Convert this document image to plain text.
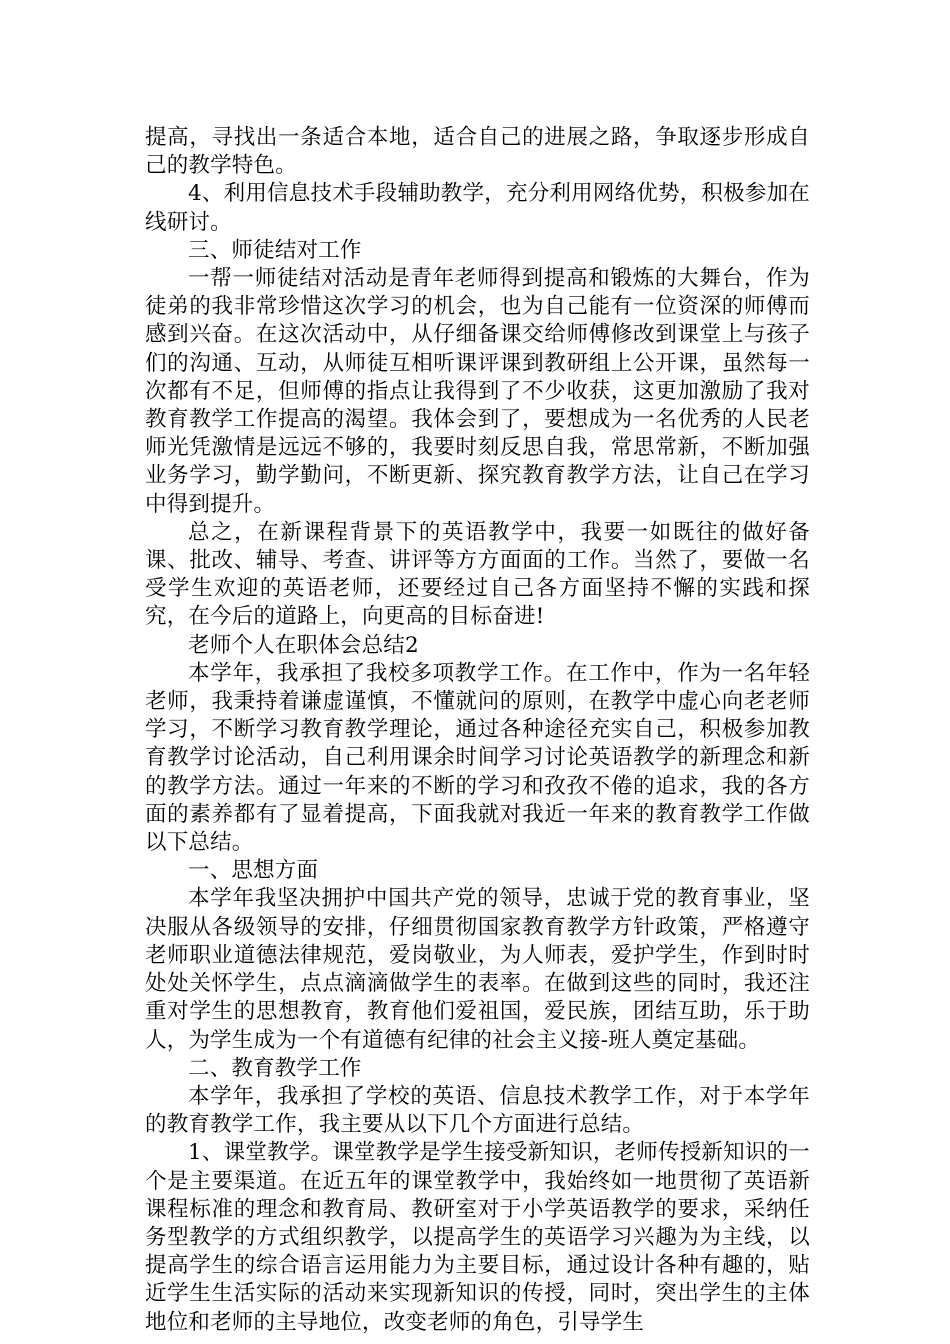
提高，寻找出一条适合本地，适合自己的进展之路，争取逐步形成自己的教学特色。

4、利用信息技术手段辅助教学，充分利用网络优势，积极参加在线研讨。

三、师徒结对工作

一帮一师徒结对活动是青年老师得到提高和锻炼的大舞台，作为徒弟的我非常珍惜这次学习的机会，也为自己能有一位资深的师傅而感到兴奋。在这次活动中，从仔细备课交给师傅修改到课堂上与孩子们的沟通、互动，从师徒互相听课评课到教研组上公开课，虽然每一次都有不足，但师傅的指点让我得到了不少收获，这更加激励了我对教育教学工作提高的渴望。我体会到了，要想成为一名优秀的人民老师光凭激情是远远不够的，我要时刻反思自我，常思常新，不断加强业务学习，勤学勤问，不断更新、探究教育教学方法，让自己在学习中得到提升。

总之，在新课程背景下的英语教学中，我要一如既往的做好备课、批改、辅导、考查、讲评等方方面面的工作。当然了，要做一名受学生欢迎的英语老师，还要经过自己各方面坚持不懈的实践和探究，在今后的道路上，向更高的目标奋进!

老师个人在职体会总结2

本学年，我承担了我校多项教学工作。在工作中，作为一名年轻老师，我秉持着谦虚谨慎，不懂就问的原则，在教学中虚心向老老师学习，不断学习教育教学理论，通过各种途径充实自己，积极参加教育教学讨论活动，自己利用课余时间学习讨论英语教学的新理念和新的教学方法。通过一年来的不断的学习和孜孜不倦的追求，我的各方面的素养都有了显着提高，下面我就对我近一年来的教育教学工作做以下总结。

一、思想方面

本学年我坚决拥护中国共产党的领导，忠诚于党的教育事业，坚决服从各级领导的安排，仔细贯彻国家教育教学方针政策，严格遵守老师职业道德法律规范，爱岗敬业，为人师表，爱护学生，作到时时处处关怀学生，点点滴滴做学生的表率。在做到这些的同时，我还注重对学生的思想教育，教育他们爱祖国，爱民族，团结互助，乐于助人，为学生成为一个有道德有纪律的社会主义接-班人奠定基础。

二、教育教学工作

本学年，我承担了学校的英语、信息技术教学工作，对于本学年的教育教学工作，我主要从以下几个方面进行总结。

1、课堂教学。课堂教学是学生接受新知识，老师传授新知识的一个是主要渠道。在近五年的课堂教学中，我始终如一地贯彻了英语新课程标准的理念和教育局、教研室对于小学英语教学的要求，采纳任务型教学的方式组织教学，以提高学生的英语学习兴趣为为主线，以提高学生的综合语言运用能力为主要目标，通过设计各种有趣的，贴近学生生活实际的活动来实现新知识的传授，同时，突出学生的主体地位和老师的主导地位，改变老师的角色，引导学生
